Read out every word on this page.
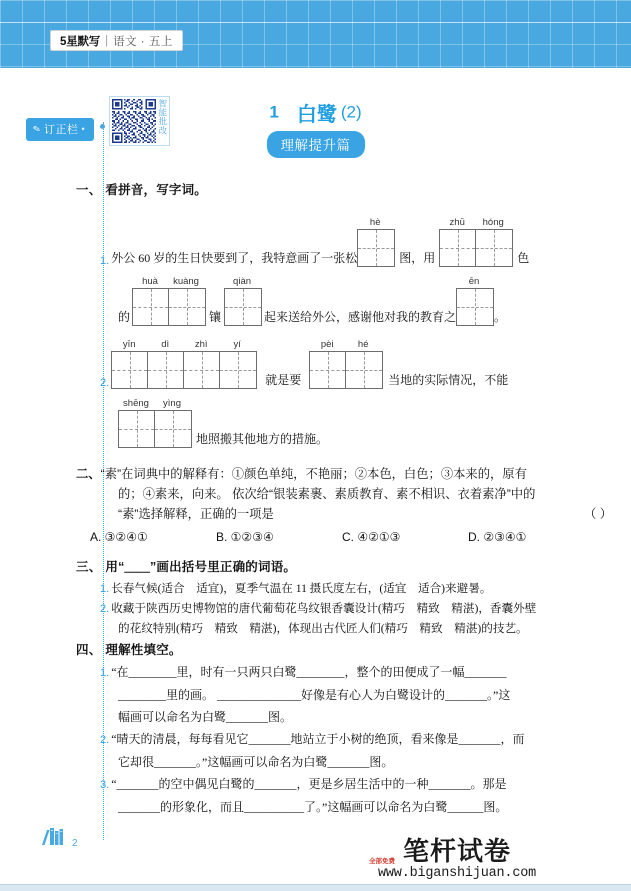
5星默写 | 语文 · 五上
✎ 订正栏 •	智能批改	1 白鹭 (2)
理解提升篇
一、 看拼音，写字词。
1. 外公 60 岁的生日快要到了，我特意画了一张松
hè
图，用
zhū	hóng
色
的
huà	kuàng
镶
qiàn
起来送给外公，感谢他对我的教育之
ēn
。
2.
yīn	dì	zhì	yí
就是要
pèi	hé
当地的实际情况，不能
shēng	yìng
地照搬其他地方的措施。
二、“素”在词典中的解释有：①颜色单纯，不艳丽；②本色，白色；③本来的，原有
的；④素来，向来。 依次给“银装素裹、素质教育、素不相识、衣着素净”中的
“素”选择解释，正确的一项是	（ ）
A. ③②④①	B. ①②③④	C. ④②①③	D. ②③④①
三、 用“＿＿”画出括号里正确的词语。
1. 长春气候(适合　适宜)，夏季气温在 11 摄氏度左右，(适宜　适合)来避暑。
2. 收藏于陕西历史博物馆的唐代葡萄花鸟纹银香囊设计(精巧　精致　精湛)，香囊外壁
的花纹特别(精巧　精致　精湛)，体现出古代匠人们(精巧　精致　精湛)的技艺。
四、 理解性填空。
1. “在________里，时有一只两只白鹭________，整个的田便成了一幅_______
________里的画。 ______________好像是有心人为白鹭设计的_______。”这
幅画可以命名为白鹭_______图。
2. “晴天的清晨，每每看见它_______地站立于小树的绝顶，看来像是_______，而
它却很_______。”这幅画可以命名为白鹭_______图。
3. “_______的空中偶见白鹭的_______，更是乡居生活中的一种_______。那是
_______的形象化，而且__________了。”这幅画可以命名为白鹭______图。
2
全部免费 笔杆试卷
www.biganshijuan.com
